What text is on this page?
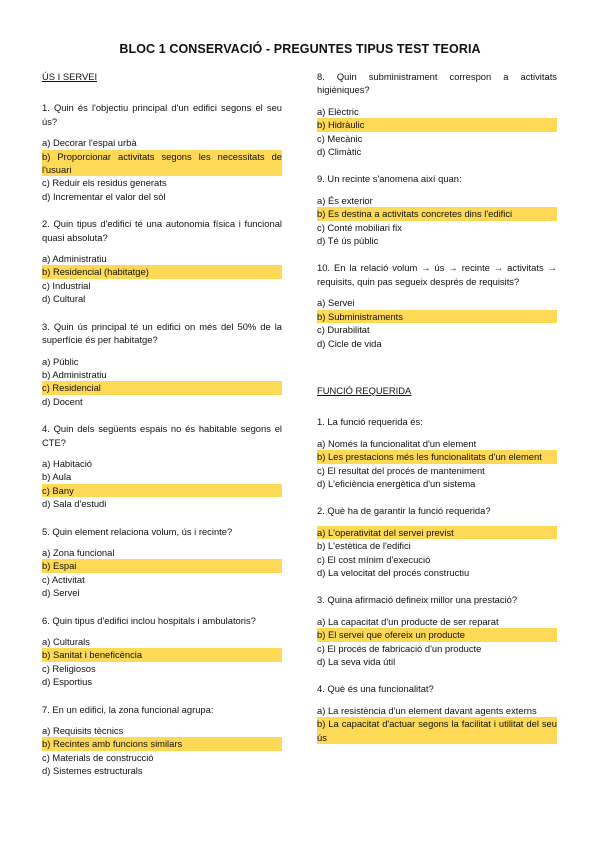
BLOC 1 CONSERVACIÓ - PREGUNTES TIPUS TEST TEORIA
ÚS I SERVEI
1. Quin és l'objectiu principal d'un edifici segons el seu ús?
a) Decorar l'espai urbà
b) Proporcionar activitats segons les necessitats de l'usuari
c) Reduir els residus generats
d) Incrementar el valor del sòl
2. Quin tipus d'edifici té una autonomia física i funcional quasi absoluta?
a) Administratiu
b) Residencial (habitatge)
c) Industrial
d) Cultural
3. Quin ús principal té un edifici on més del 50% de la superfície és per habitatge?
a) Públic
b) Administratiu
c) Residencial
d) Docent
4. Quin dels següents espais no és habitable segons el CTE?
a) Habitació
b) Aula
c) Bany
d) Sala d'estudi
5. Quin element relaciona volum, ús i recinte?
a) Zona funcional
b) Espai
c) Activitat
d) Servei
6. Quin tipus d'edifici inclou hospitals i ambulatoris?
a) Culturals
b) Sanitat i beneficència
c) Religiosos
d) Esportius
7. En un edifici, la zona funcional agrupa:
a) Requisits tècnics
b) Recintes amb funcions similars
c) Materials de construcció
d) Sistemes estructurals
8. Quin subministrament correspon a activitats higièniques?
a) Elèctric
b) Hidràulic
c) Mecànic
d) Climàtic
9. Un recinte s'anomena així quan:
a) És exterior
b) Es destina a activitats concretes dins l'edifici
c) Conté mobiliari fix
d) Té ús públic
10. En la relació volum → ús → recinte → activitats → requisits, quin pas segueix després de requisits?
a) Servei
b) Subministraments
c) Durabilitat
d) Cicle de vida
FUNCIÓ REQUERIDA
1. La funció requerida és:
a) Només la funcionalitat d'un element
b) Les prestacions més les funcionalitats d'un element
c) El resultat del procés de manteniment
d) L'eficiència energètica d'un sistema
2. Què ha de garantir la funció requerida?
a) L'operativitat del servei previst
b) L'estètica de l'edifici
c) El cost mínim d'execució
d) La velocitat del procés constructiu
3. Quina afirmació defineix millor una prestació?
a) La capacitat d'un producte de ser reparat
b) El servei que ofereix un producte
c) El procés de fabricació d'un producte
d) La seva vida útil
4. Què és una funcionalitat?
a) La resistència d'un element davant agents externs
b) La capacitat d'actuar segons la facilitat i utilitat del seu ús
